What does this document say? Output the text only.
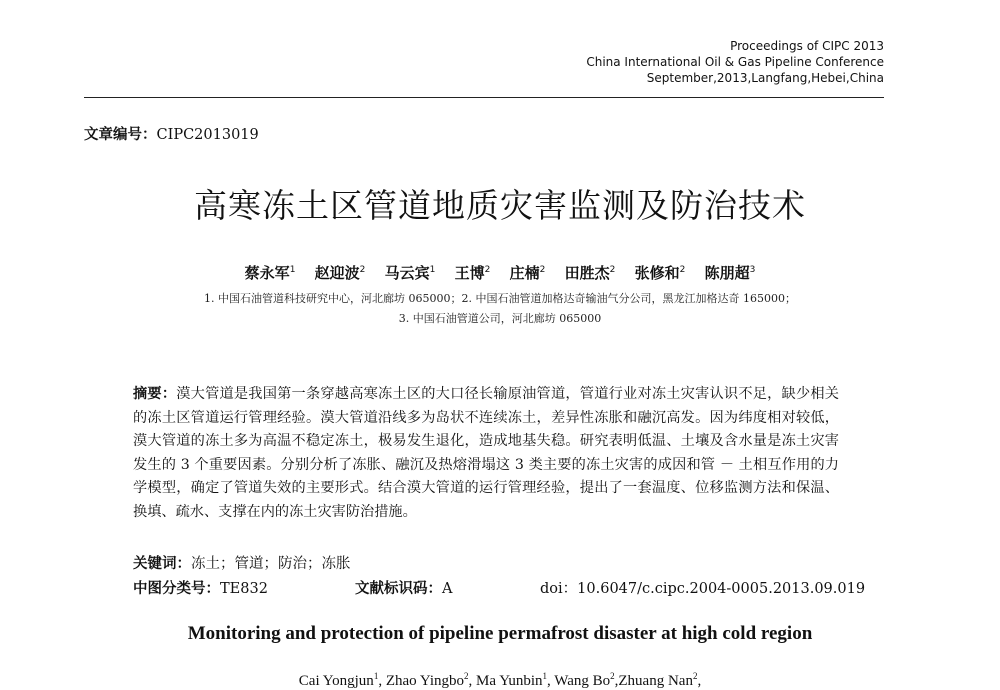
Proceedings of CIPC 2013
China International Oil & Gas Pipeline Conference
September,2013,Langfang,Hebei,China
文章编号：CIPC2013019
高寒冻土区管道地质灾害监测及防治技术
蔡永军$^1$ 赵迎波$^2$ 马云宾$^1$ 王博$^2$ 庄楠$^2$ 田胜杰$^2$ 张修和$^2$ 陈朋超$^3$
1. 中国石油管道科技研究中心，河北廊坊 065000；2. 中国石油管道加格达奇输油气分公司，黑龙江加格达奇 165000；
3. 中国石油管道公司，河北廊坊 065000
摘要：漠大管道是我国第一条穿越高寒冻土区的大口径长输原油管道，管道行业对冻土灾害认识不足，缺少相关的冻土区管道运行管理经验。漠大管道沿线多为岛状不连续冻土，差异性冻胀和融沉高发。因为纬度相对较低，漠大管道的冻土多为高温不稳定冻土，极易发生退化，造成地基失稳。研究表明低温、土壤及含水量是冻土灾害发生的 3 个重要因素。分别分析了冻胀、融沉及热熔滑塌这 3 类主要的冻土灾害的成因和管 － 土相互作用的力学模型，确定了管道失效的主要形式。结合漠大管道的运行管理经验，提出了一套温度、位移监测方法和保温、换填、疏水、支撑在内的冻土灾害防治措施。
关键词：冻土；管道；防治；冻胀
中图分类号：TE832	文献标识码：A	doi：10.6047/c.cipc.2004-0005.2013.09.019
Monitoring and protection of pipeline permafrost disaster at high cold region
Cai Yongjun$^1$, Zhao Yingbo$^2$, Ma Yunbin$^1$, Wang Bo$^2$,Zhuang Nan$^2$,
